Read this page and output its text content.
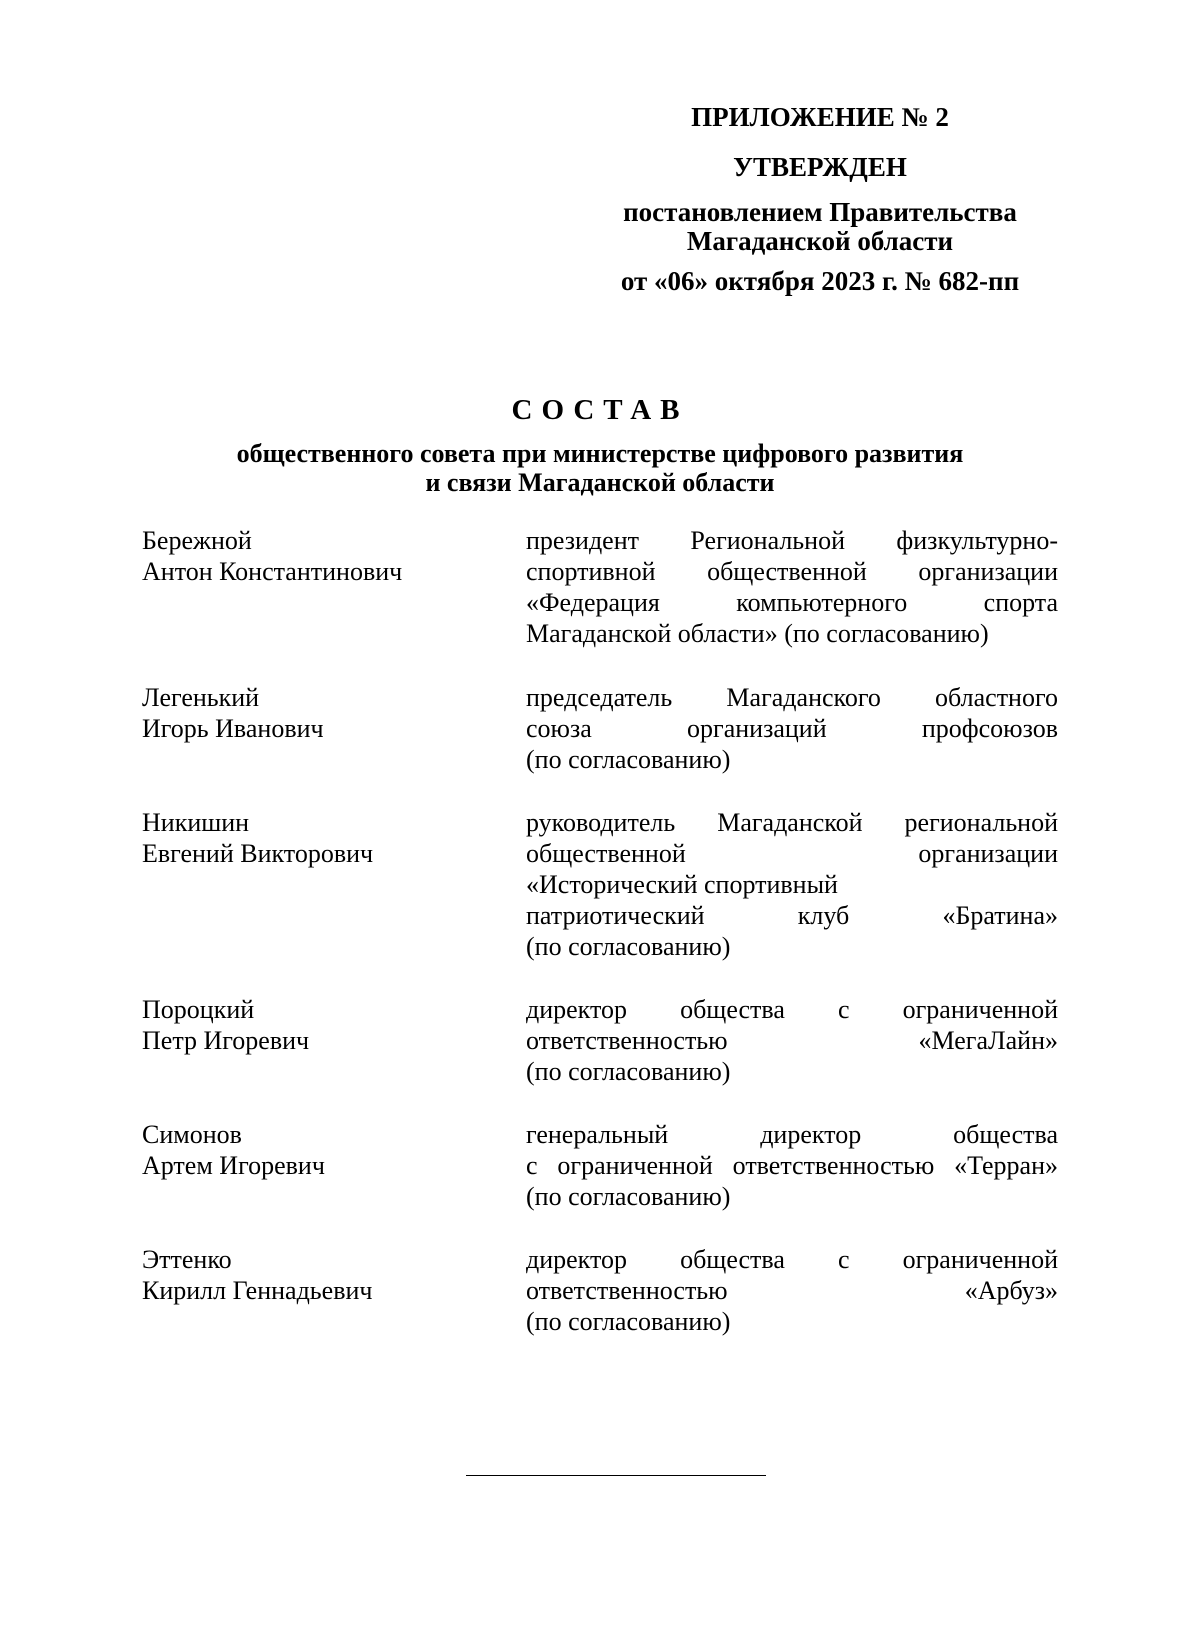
ПРИЛОЖЕНИЕ № 2
УТВЕРЖДЕН
постановлением Правительства
Магаданской области
от «06» октября 2023 г. № 682-пп
СОСТАВ
общественного совета при министерстве цифрового развития
и связи Магаданской области
Бережной
Антон Константинович
президент Региональной физкультурно-
спортивной общественной организации
«Федерация компьютерного спорта
Магаданской области» (по согласованию)
Легенький
Игорь Иванович
председатель Магаданского областного
союза организаций профсоюзов
(по согласованию)
Никишин
Евгений Викторович
руководитель Магаданской региональной
общественной организации
«Исторический спортивный
патриотический клуб «Братина»
(по согласованию)
Пороцкий
Петр Игоревич
директор общества с ограниченной
ответственностью «МегаЛайн»
(по согласованию)
Симонов
Артем Игоревич
генеральный директор общества
с ограниченной ответственностью «Терран»
(по согласованию)
Эттенко
Кирилл Геннадьевич
директор общества с ограниченной
ответственностью «Арбуз»
(по согласованию)
